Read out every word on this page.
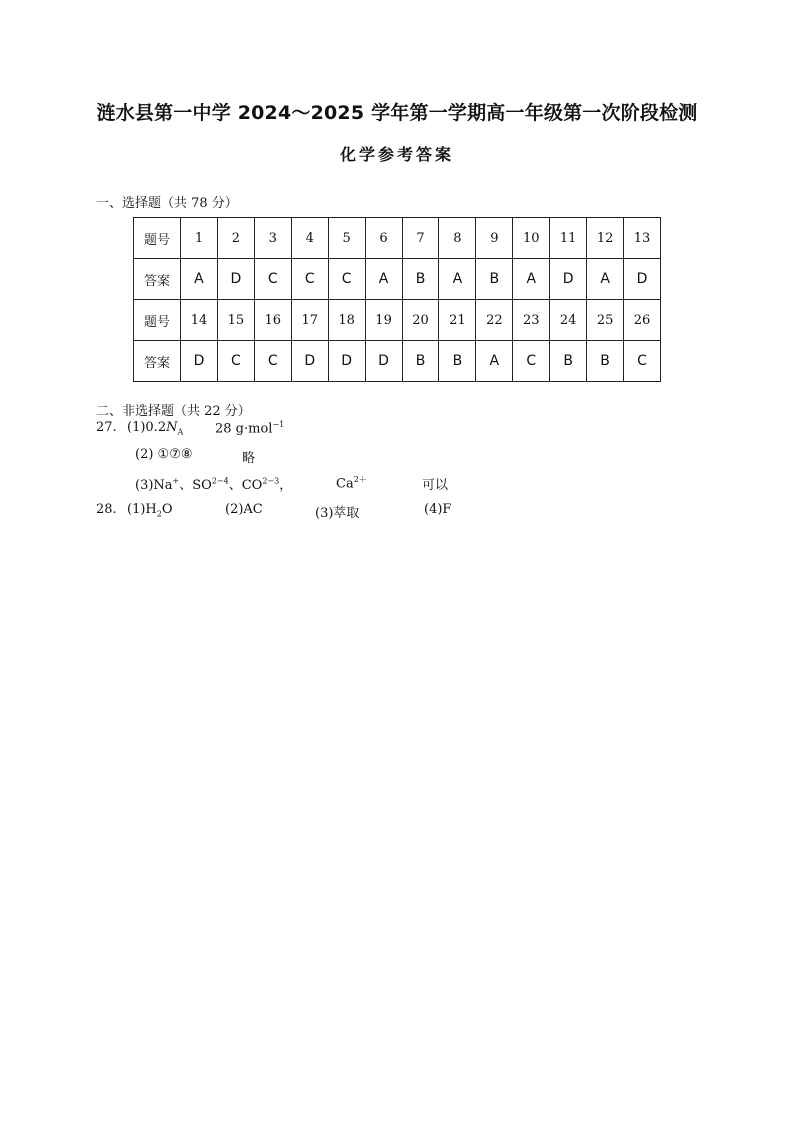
涟水县第一中学 2024～2025 学年第一学期高一年级第一次阶段检测
化学参考答案
一、选择题（共 78 分）
题号	1	2	3	4	5	6	7	8	9	10	11	12	13
答案	A	D	C	C	C	A	B	A	B	A	D	A	D
题号	14	15	16	17	18	19	20	21	22	23	24	25	26
答案	D	C	C	D	D	D	B	B	A	C	B	B	C
二、非选择题（共 22 分）
27. $(1)0.2N_A$ 28 g·mol$^{-1}$
(2) ①⑦⑧	略
(3)Na+、$SO^{2-4}$、$CO^{2-3}$，	$Ca^{2+}$	可以
28. $(1)H_2O$	(2)AC	(3)萃取	(4)F
